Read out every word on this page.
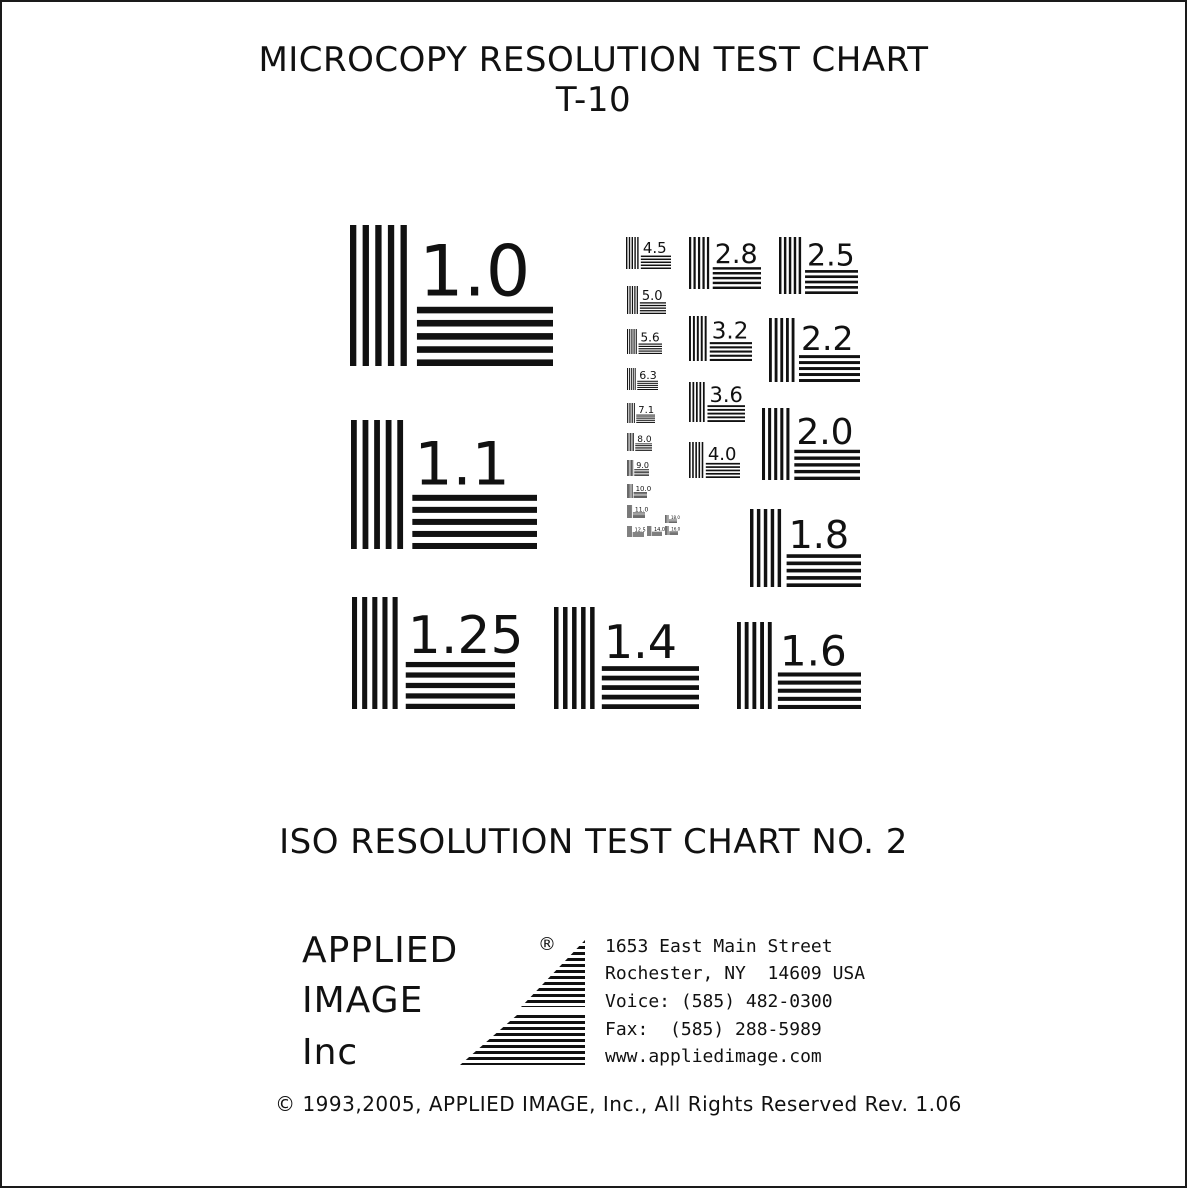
MICROCOPY RESOLUTION TEST CHART
T-10
1.0
1.1
1.25 1.4 1.6
1.8
2.0
2.2
2.5
2.8
3.2
3.6
4.0
4.5
5.0
5.6
6.3
7.1
8.0
9.0
10.0
11.0
12.5 14.0 16.0
18.0
ISO RESOLUTION TEST CHART NO. 2
APPLIED	®
IMAGE
Inc
1653 East Main Street
Rochester, NY  14609 USA
Voice: (585) 482-0300
Fax:  (585) 288-5989
www.appliedimage.com
© 1993,2005, APPLIED IMAGE, Inc., All Rights Reserved Rev. 1.06
